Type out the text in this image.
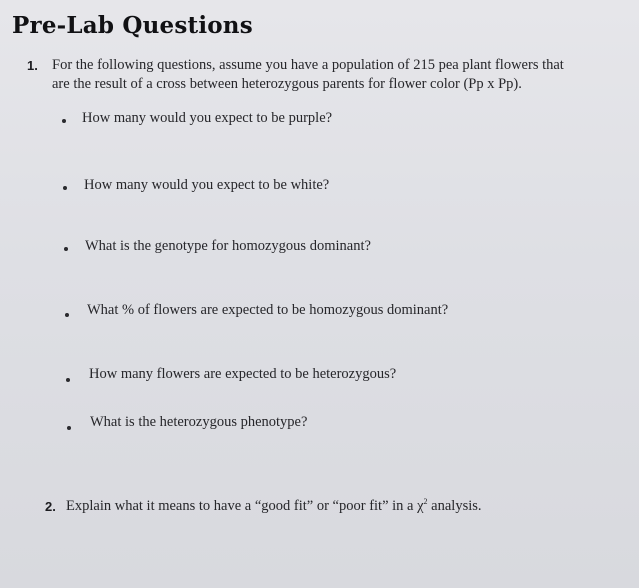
Pre-Lab Questions
1. For the following questions, assume you have a population of 215 pea plant flowers that
are the result of a cross between heterozygous parents for flower color (Pp x Pp).
How many would you expect to be purple?
How many would you expect to be white?
What is the genotype for homozygous dominant?
What % of flowers are expected to be homozygous dominant?
How many flowers are expected to be heterozygous?
What is the heterozygous phenotype?
2. Explain what it means to have a “good fit” or “poor fit” in a $\chi^2$ analysis.
